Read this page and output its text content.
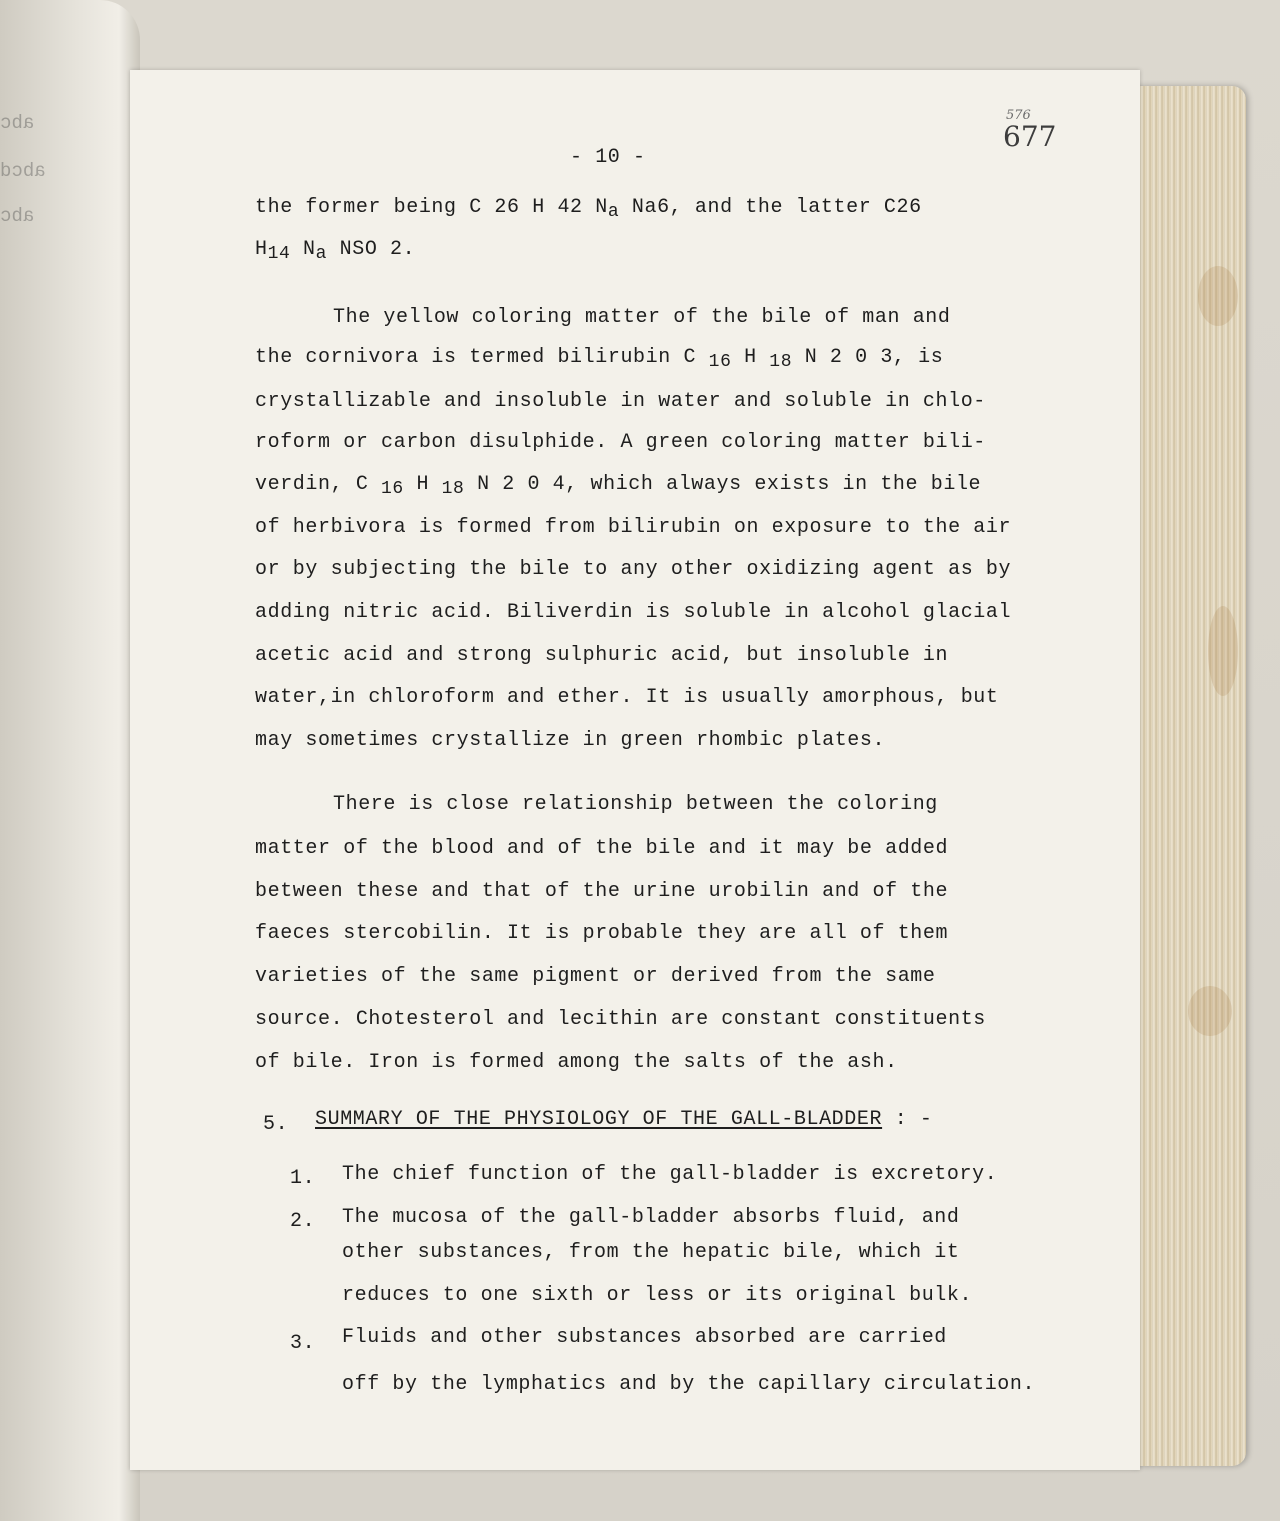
abc
abcd
abc
576
677
- 10 -
the former being C 26 H 42 Na Na6, and the latter C26
H14 Na NSO 2.
The yellow coloring matter of the bile of man and
the cornivora is termed bilirubin C 16 H 18 N 2 0 3, is
crystallizable and insoluble in water and soluble in chlo-
roform or carbon disulphide. A green coloring matter bili-
verdin, C 16 H 18 N 2 0 4, which always exists in the bile
of herbivora is formed from bilirubin on exposure to the air
or by subjecting the bile to any other oxidizing agent as by
adding nitric acid. Biliverdin is soluble in alcohol glacial
acetic acid and strong sulphuric acid, but insoluble in
water,in chloroform and ether. It is usually amorphous, but
may sometimes crystallize in green rhombic plates.
There is close relationship between the coloring
matter of the blood and of the bile and it may be added
between these and that of the urine urobilin and of the
faeces stercobilin. It is probable they are all of them
varieties of the same pigment or derived from the same
source. Chotesterol and lecithin are constant constituents
of bile. Iron is formed among the salts of the ash.
5. SUMMARY OF THE PHYSIOLOGY OF THE GALL-BLADDER : -
1. The chief function of the gall-bladder is excretory.
2. The mucosa of the gall-bladder absorbs fluid, and
other substances, from the hepatic bile, which it
reduces to one sixth or less or its original bulk.
3. Fluids and other substances absorbed are carried
off by the lymphatics and by the capillary circulation.
